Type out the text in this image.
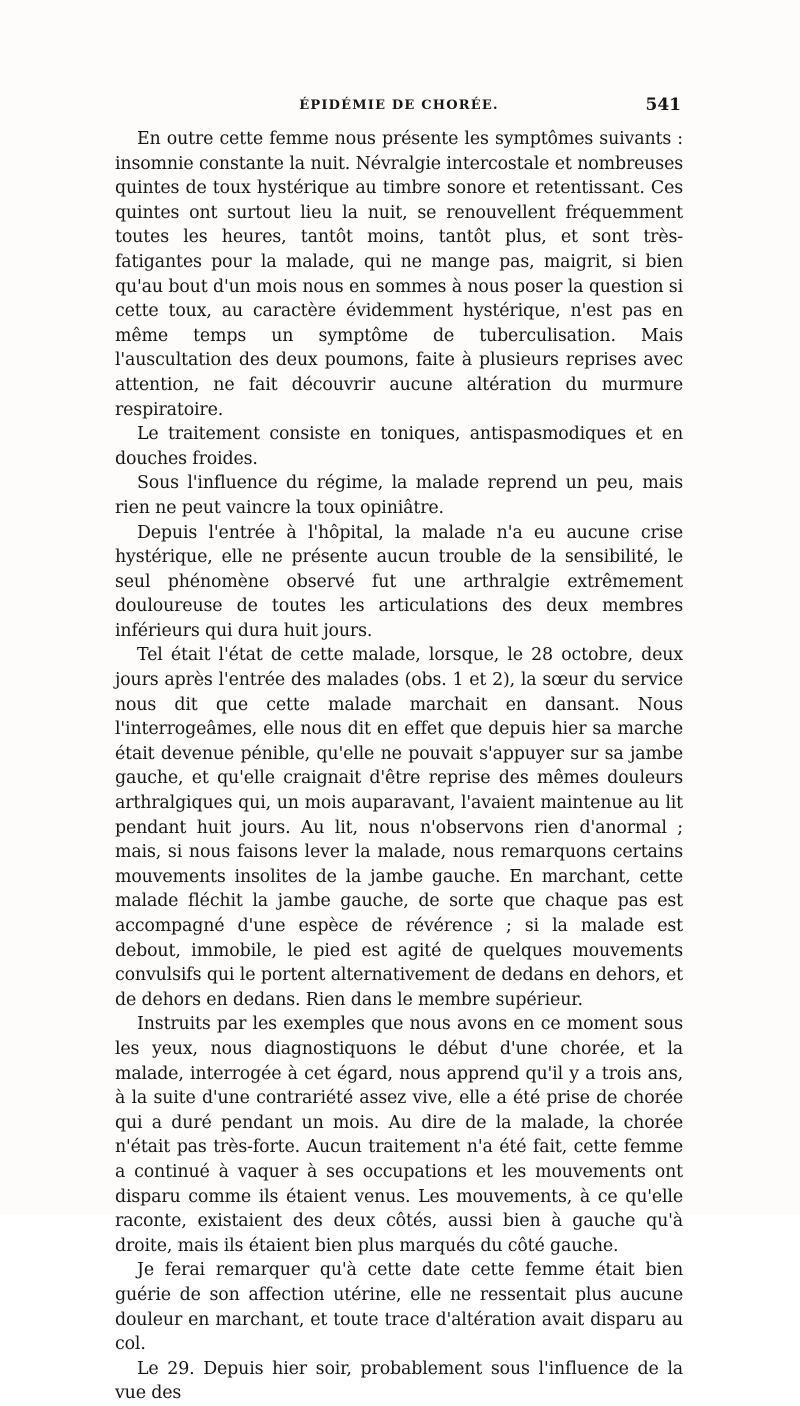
ÉPIDÉMIE DE CHORÉE.	541

En outre cette femme nous présente les symptômes suivants : insomnie constante la nuit. Névralgie intercostale et nombreuses quintes de toux hystérique au timbre sonore et retentissant. Ces quintes ont surtout lieu la nuit, se renouvellent fréquemment toutes les heures, tantôt moins, tantôt plus, et sont très-fatigantes pour la malade, qui ne mange pas, maigrit, si bien qu'au bout d'un mois nous en sommes à nous poser la question si cette toux, au caractère évidemment hystérique, n'est pas en même temps un symptôme de tuberculisation. Mais l'auscultation des deux poumons, faite à plusieurs reprises avec attention, ne fait découvrir aucune altération du murmure respiratoire.

Le traitement consiste en toniques, antispasmodiques et en douches froides.

Sous l'influence du régime, la malade reprend un peu, mais rien ne peut vaincre la toux opiniâtre.

Depuis l'entrée à l'hôpital, la malade n'a eu aucune crise hystérique, elle ne présente aucun trouble de la sensibilité, le seul phénomène observé fut une arthralgie extrêmement douloureuse de toutes les articulations des deux membres inférieurs qui dura huit jours.

Tel était l'état de cette malade, lorsque, le 28 octobre, deux jours après l'entrée des malades (obs. 1 et 2), la sœur du service nous dit que cette malade marchait en dansant. Nous l'interrogeâmes, elle nous dit en effet que depuis hier sa marche était devenue pénible, qu'elle ne pouvait s'appuyer sur sa jambe gauche, et qu'elle craignait d'être reprise des mêmes douleurs arthralgiques qui, un mois auparavant, l'avaient maintenue au lit pendant huit jours. Au lit, nous n'observons rien d'anormal ; mais, si nous faisons lever la malade, nous remarquons certains mouvements insolites de la jambe gauche. En marchant, cette malade fléchit la jambe gauche, de sorte que chaque pas est accompagné d'une espèce de révérence ; si la malade est debout, immobile, le pied est agité de quelques mouvements convulsifs qui le portent alternativement de dedans en dehors, et de dehors en dedans. Rien dans le membre supérieur.

Instruits par les exemples que nous avons en ce moment sous les yeux, nous diagnostiquons le début d'une chorée, et la malade, interrogée à cet égard, nous apprend qu'il y a trois ans, à la suite d'une contrariété assez vive, elle a été prise de chorée qui a duré pendant un mois. Au dire de la malade, la chorée n'était pas très-forte. Aucun traitement n'a été fait, cette femme a continué à vaquer à ses occupations et les mouvements ont disparu comme ils étaient venus. Les mouvements, à ce qu'elle raconte, existaient des deux côtés, aussi bien à gauche qu'à droite, mais ils étaient bien plus marqués du côté gauche.

Je ferai remarquer qu'à cette date cette femme était bien guérie de son affection utérine, elle ne ressentait plus aucune douleur en marchant, et toute trace d'altération avait disparu au col.

Le 29. Depuis hier soir, probablement sous l'influence de la vue des
